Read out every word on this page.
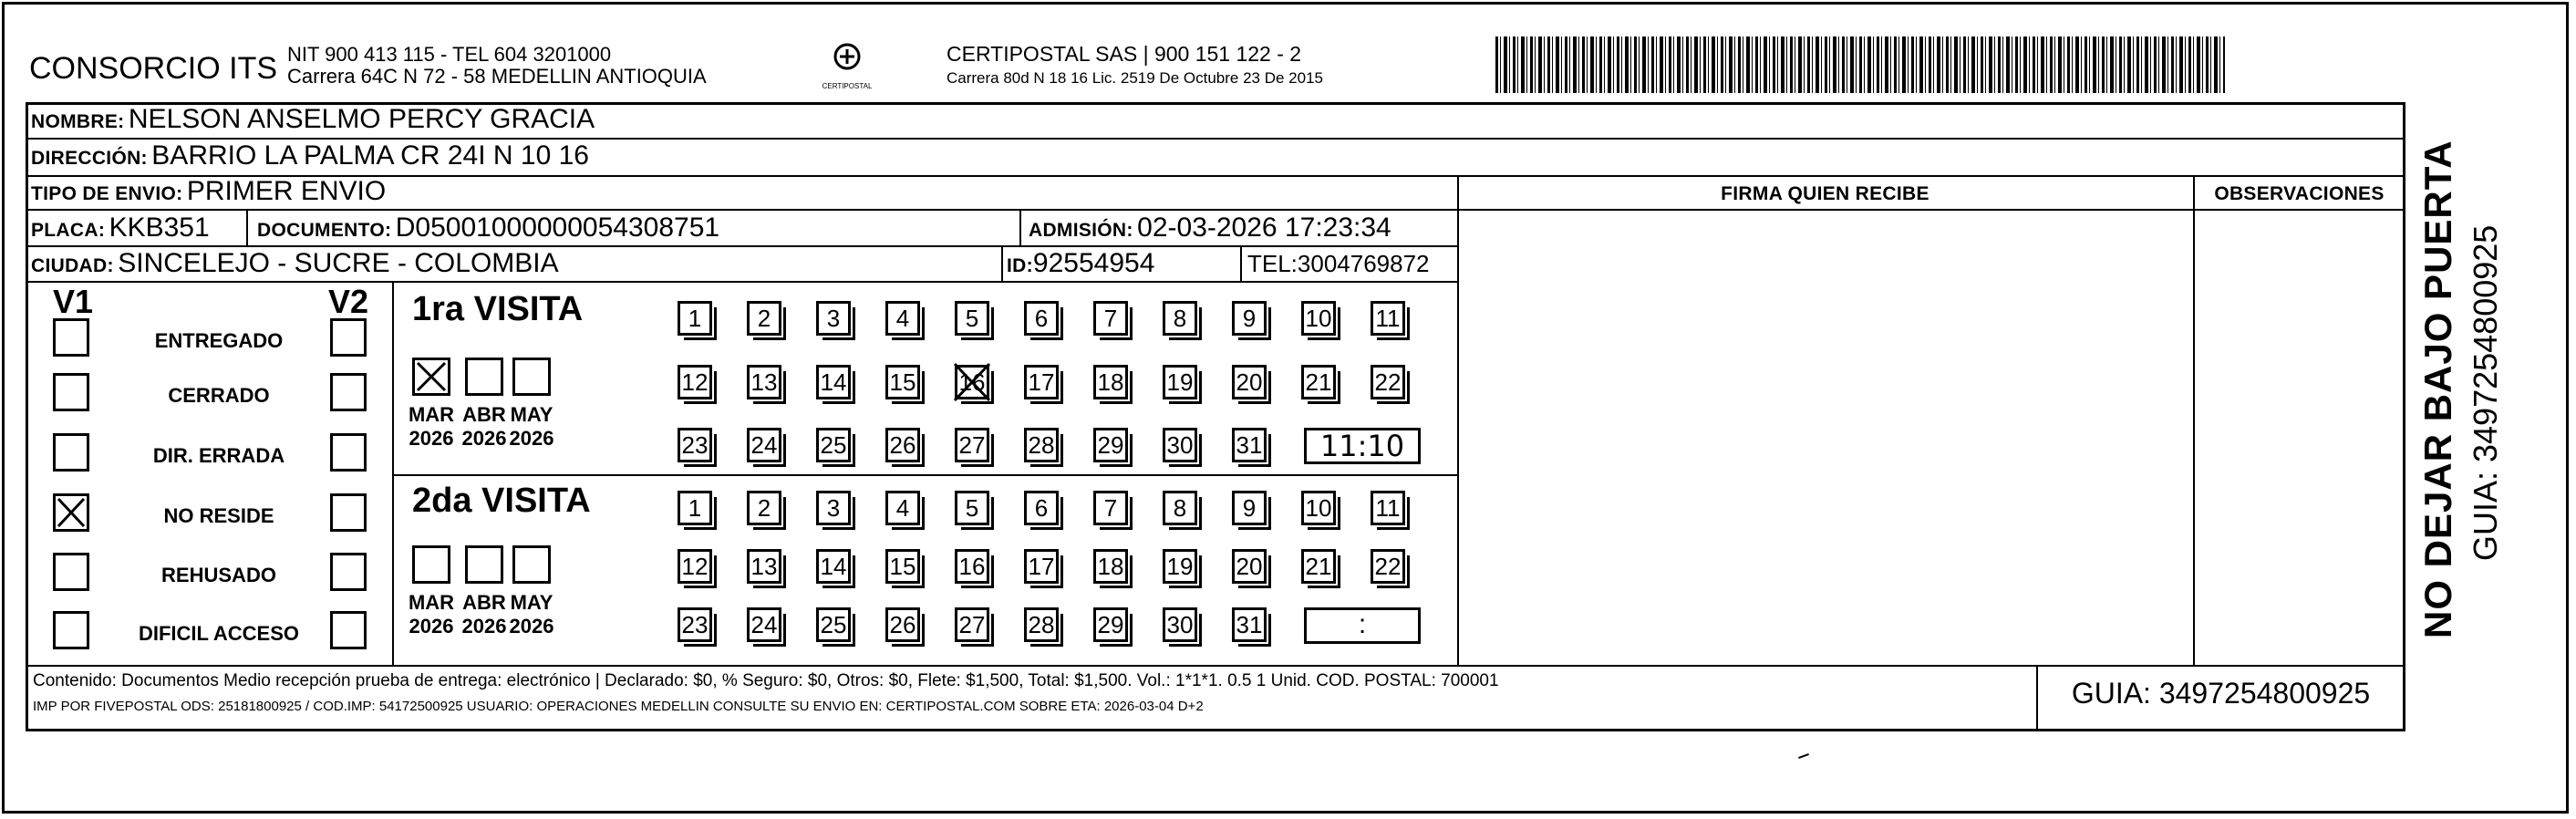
CONSORCIO ITS NIT 900 413 115 - TEL 604 3201000
Carrera 64C N 72 - 58 MEDELLIN ANTIOQUIA	CERTIPOSTAL
CERTIPOSTAL SAS | 900 151 122 - 2
Carrera 80d N 18 16 Lic. 2519 De Octubre 23 De 2015
NOMBRE: NELSON ANSELMO PERCY GRACIA
DIRECCIÓN: BARRIO LA PALMA CR 24I N 10 16
TIPO DE ENVIO: PRIMER ENVIO
PLACA: KKB351 DOCUMENTO: D05001000000054308751	ADMISIÓN: 02-03-2026 17:23:34
CIUDAD: SINCELEJO - SUCRE - COLOMBIA	ID:92554954	TEL:3004769872
FIRMA QUIEN RECIBE	OBSERVACIONES
V1	V2
ENTREGADO
CERRADO
DIR. ERRADA
NO RESIDE
REHUSADO
DIFICIL ACCESO
1ra VISITA
MAR
2026
ABR
2026
MAY
2026
1	2	3	4	5	6	7	8	9	10 11
12 13 14 15 16 17 18 19 20 21 22
23 24 25 26 27 28 29 30 31	11:10
2da VISITA
MAR
2026
ABR
2026
MAY
2026
1	2	3	4	5	6	7	8	9	10 11
12 13 14 15 16 17 18 19 20 21 22
23 24 25 26 27 28 29 30 31	:
Contenido: Documentos Medio recepción prueba de entrega: electrónico | Declarado: $0, % Seguro: $0, Otros: $0, Flete: $1,500, Total: $1,500. Vol.: 1*1*1. 0.5 1 Unid. COD. POSTAL: 700001
IMP POR FIVEPOSTAL ODS: 25181800925 / COD.IMP: 54172500925 USUARIO: OPERACIONES MEDELLIN CONSULTE SU ENVIO EN: CERTIPOSTAL.COM SOBRE ETA: 2026-03-04 D+2	GUIA: 3497254800925
NO DEJAR BAJO PUERTA GUIA: 3497254800925
